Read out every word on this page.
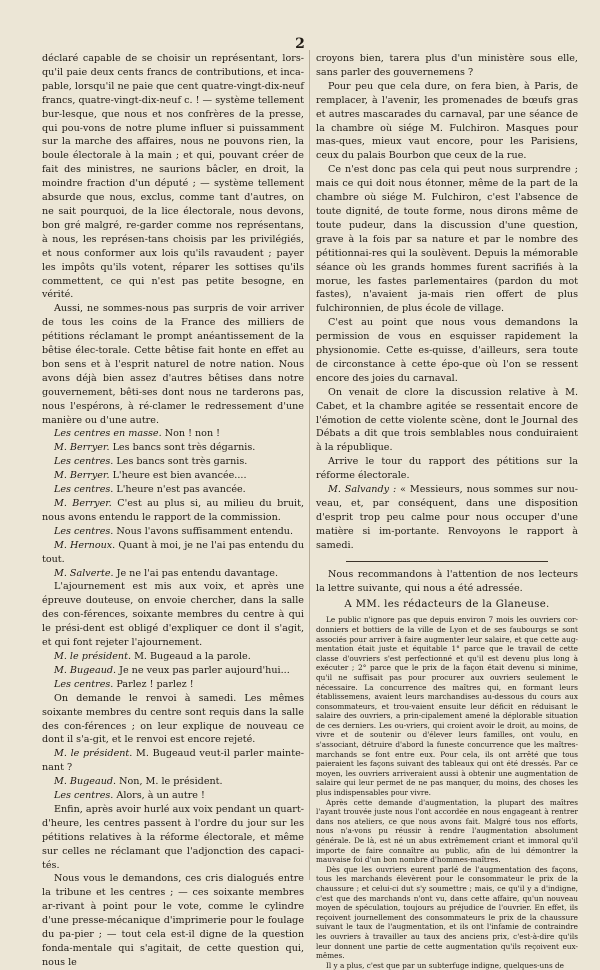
2

déclaré capable de se choisir un représentant, lors-qu'il paie deux cents francs de contributions, et inca-pable, lorsqu'il ne paie que cent quatre-vingt-dix-neuf francs, quatre-vingt-dix-neuf c. ! — système tellement bur-lesque, que nous et nos confrères de la presse, qui pou-vons de notre plume influer si puissamment sur la marche des affaires, nous ne pouvons rien, la boule électorale à la main ; et qui, pouvant créer de fait des ministres, ne saurions bâcler, en droit, la moindre fraction d'un député ; — système tellement absurde que nous, exclus, comme tant d'autres, on ne sait pourquoi, de la lice électorale, nous devons, bon gré malgré, re-garder comme nos représentans, à nous, les représen-tans choisis par les privilégiés, et nous conformer aux lois qu'ils ravaudent ; payer les impôts qu'ils votent, réparer les sottises qu'ils commettent, ce qui n'est pas petite besogne, en vérité.

Aussi, ne sommes-nous pas surpris de voir arriver de tous les coins de la France des milliers de pétitions réclamant le prompt anéantissement de la bêtise élec-torale. Cette bêtise fait honte en effet au bon sens et à l'esprit naturel de notre nation. Nous avons déjà bien assez d'autres bêtises dans notre gouvernement, bêti-ses dont nous ne tarderons pas, nous l'espérons, à ré-clamer le redressement d'une manière ou d'une autre.

Les centres en masse. Non ! non !

M. Berryer. Les bancs sont très dégarnis.

Les centres. Les bancs sont très garnis.

M. Berryer. L'heure est bien avancée....

Les centres. L'heure n'est pas avancée.

M. Berryer. C'est au plus si, au milieu du bruit, nous avons entendu le rapport de la commission.

Les centres. Nous l'avons suffisamment entendu.

M. Hernoux. Quant à moi, je ne l'ai pas entendu du tout.

M. Salverte. Je ne l'ai pas entendu davantage.

L'ajournement est mis aux voix, et après une épreuve douteuse, on envoie chercher, dans la salle des con-férences, soixante membres du centre à qui le prési-dent est obligé d'expliquer ce dont il s'agit, et qui font rejeter l'ajournement.

M. le président. M. Bugeaud a la parole.

M. Bugeaud. Je ne veux pas parler aujourd'hui...

Les centres. Parlez ! parlez !

On demande le renvoi à samedi. Les mêmes soixante membres du centre sont requis dans la salle des con-férences ; on leur explique de nouveau ce dont il s'a-git, et le renvoi est encore rejeté.

M. le président. M. Bugeaud veut-il parler mainte-nant ?

M. Bugeaud. Non, M. le président.

Les centres. Alors, à un autre !

Enfin, après avoir hurlé aux voix pendant un quart-d'heure, les centres passent à l'ordre du jour sur les pétitions relatives à la réforme électorale, et même sur celles ne réclamant que l'adjonction des capaci-tés.

Nous vous le demandons, ces cris dialogués entre la tribune et les centres ; — ces soixante membres ar-rivant à point pour le vote, comme le cylindre d'une presse-mécanique d'imprimerie pour le foulage du pa-pier ; — tout cela est-il digne de la question fonda-mentale qui s'agitait, de cette question qui, nous le

croyons bien, tarera plus d'un ministère sous elle, sans parler des gouvernemens ?

Pour peu que cela dure, on fera bien, à Paris, de remplacer, à l'avenir, les promenades de bœufs gras et autres mascarades du carnaval, par une séance de la chambre où siége M. Fulchiron. Masques pour mas-ques, mieux vaut encore, pour les Parisiens, ceux du palais Bourbon que ceux de la rue.

Ce n'est donc pas cela qui peut nous surprendre ; mais ce qui doit nous étonner, même de la part de la chambre où siége M. Fulchiron, c'est l'absence de toute dignité, de toute forme, nous dirons même de toute pudeur, dans la discussion d'une question, grave à la fois par sa nature et par le nombre des pétitionnai-res qui la soulèvent. Depuis la mémorable séance où les grands hommes furent sacrifiés à la morue, les fastes parlementaires (pardon du mot fastes), n'avaient ja-mais rien offert de plus fulchironnien, de plus école de village.

C'est au point que nous vous demandons la permission de vous en esquisser rapidement la physionomie. Cette es-quisse, d'ailleurs, sera toute de circonstance à cette épo-que où l'on se ressent encore des joies du carnaval.

On venait de clore la discussion relative à M. Cabet, et la chambre agitée se ressentait encore de l'émotion de cette violente scène, dont le Journal des Débats a dit que trois semblables nous conduiraient à la république.

Arrive le tour du rapport des pétitions sur la réforme électorale.

M. Salvandy : « Messieurs, nous sommes sur nou-veau, et, par conséquent, dans une disposition d'esprit trop peu calme pour nous occuper d'une matière si im-portante. Renvoyons le rapport à samedi.

Nous recommandons à l'attention de nos lecteurs la lettre suivante, qui nous a été adressée.

A MM. les rédacteurs de la Glaneuse.

Le public n'ignore pas que depuis environ 7 mois les ouvriers cor-donniers et bottiers de la ville de Lyon et de ses faubourgs se sont associés pour arriver à faire augmenter leur salaire, et que cette aug-mentation était juste et équitable 1° parce que le travail de cette classe d'ouvriers s'est perfectionné et qu'il est devenu plus long à exécuter ; 2° parce que le prix de la façon était devenu si minime, qu'il ne suffisait pas pour procurer aux ouvriers seulement le nécessaire. La concurrence des maîtres qui, en formant leurs établissemens, avaient leurs marchandises au-dessous du cours aux consommateurs, et trou-vaient ensuite leur déficit en réduisant le salaire des ouvriers, a prin-cipalement amené la déplorable situation de ces derniers. Les ou-vriers, qui croient avoir le droit, au moins, de vivre et de soutenir ou d'élever leurs familles, ont voulu, en s'associant, détruire d'abord la funeste concurrence que les maîtres-marchands se font entre eux. Pour cela, ils ont arrêté que tous paieraient les façons suivant des tableaux qui ont été dressés. Par ce moyen, les ouvriers arriveraient aussi à obtenir une augmentation de salaire qui leur permet de ne pas manquer, du moins, des choses les plus indispensables pour vivre.

Après cette demande d'augmentation, la plupart des maîtres l'ayant trouvée juste nous l'ont accordée en nous engageant à rentrer dans nos ateliers, ce que nous avons fait. Malgré tous nos efforts, nous n'a-vons pu réussir à rendre l'augmentation absolument générale. De là, est né un abus extrêmement criant et immoral qu'il importe de faire connaître au public, afin de lui démontrer la mauvaise foi d'un bon nombre d'hommes-maîtres.

Dès que les ouvriers eurent parlé de l'augmentation des façons, tous les marchands élevèrent pour le consommateur le prix de la chaussure ; et celui-ci dut s'y soumettre ; mais, ce qu'il y a d'indigne, c'est que des marchands n'ont vu, dans cette affaire, qu'un nouveau moyen de spéculation, toujours au préjudice de l'ouvrier. En effet, ils reçoivent journellement des consommateurs le prix de la chaussure suivant le taux de l'augmentation, et ils ont l'infamie de contraindre les ouvriers à travailler au taux des anciens prix, c'est-à-dire qu'ils leur donnent une partie de cette augmentation qu'ils reçoivent eux-mêmes.

Il y a plus, c'est que par un subterfuge indigne, quelques-uns de
